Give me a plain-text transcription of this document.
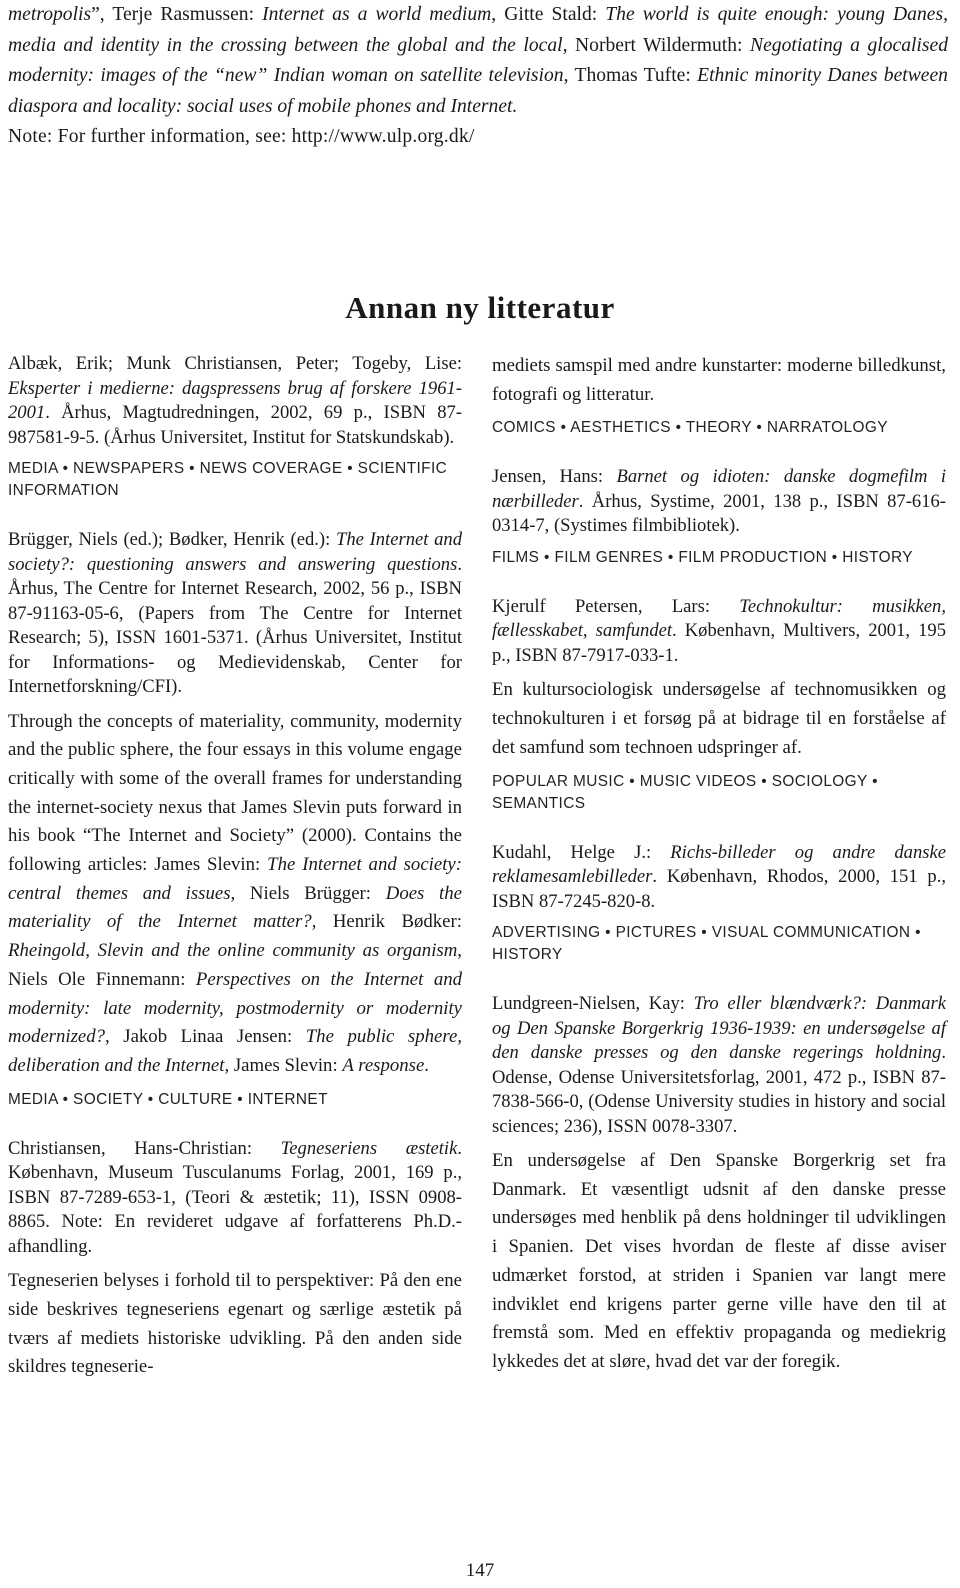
metropolis”, Terje Rasmussen: Internet as a world medium, Gitte Stald: The world is quite enough: young Danes, media and identity in the crossing between the global and the local, Norbert Wildermuth: Negotiating a glocalised modernity: images of the “new” Indian woman on satellite television, Thomas Tufte: Ethnic minority Danes between diaspora and locality: social uses of mobile phones and Internet.

Note: For further information, see: http://www.ulp.org.dk/

Annan ny litteratur

Albæk, Erik; Munk Christiansen, Peter; Togeby, Lise: Eksperter i medierne: dagspressens brug af forskere 1961-2001. Århus, Magtudredningen, 2002, 69 p., ISBN 87-987581-9-5. (Århus Universitet, Institut for Statskundskab).

MEDIA • NEWSPAPERS • NEWS COVERAGE • SCIENTIFIC INFORMATION

Brügger, Niels (ed.); Bødker, Henrik (ed.): The Internet and society?: questioning answers and answering questions. Århus, The Centre for Internet Research, 2002, 56 p., ISBN 87-91163-05-6, (Papers from The Centre for Internet Research; 5), ISSN 1601-5371. (Århus Universitet, Institut for Informations- og Medievidenskab, Center for Internetforskning/CFI).

Through the concepts of materiality, community, modernity and the public sphere, the four essays in this volume engage critically with some of the overall frames for understanding the internet-society nexus that James Slevin puts forward in his book “The Internet and Society” (2000). Contains the following articles: James Slevin: The Internet and society: central themes and issues, Niels Brügger: Does the materiality of the Internet matter?, Henrik Bødker: Rheingold, Slevin and the online community as organism, Niels Ole Finnemann: Perspectives on the Internet and modernity: late modernity, postmodernity or modernity modernized?, Jakob Linaa Jensen: The public sphere, deliberation and the Internet, James Slevin: A response.

MEDIA • SOCIETY • CULTURE • INTERNET

Christiansen, Hans-Christian: Tegneseriens æstetik. København, Museum Tusculanums Forlag, 2001, 169 p., ISBN 87-7289-653-1, (Teori & æstetik; 11), ISSN 0908-8865. Note: En revideret udgave af forfatterens Ph.D.-afhandling.

Tegneserien belyses i forhold til to perspektiver: På den ene side beskrives tegneseriens egenart og særlige æstetik på tværs af mediets historiske udvikling. På den anden side skildres tegneserie-

mediets samspil med andre kunstarter: moderne billedkunst, fotografi og litteratur.

COMICS • AESTHETICS • THEORY • NARRATOLOGY

Jensen, Hans: Barnet og idioten: danske dogmefilm i nærbilleder. Århus, Systime, 2001, 138 p., ISBN 87-616-0314-7, (Systimes filmbibliotek).

FILMS • FILM GENRES • FILM PRODUCTION • HISTORY

Kjerulf Petersen, Lars: Technokultur: musikken, fællesskabet, samfundet. København, Multivers, 2001, 195 p., ISBN 87-7917-033-1.

En kultursociologisk undersøgelse af technomusikken og technokulturen i et forsøg på at bidrage til en forståelse af det samfund som technoen udspringer af.

POPULAR MUSIC • MUSIC VIDEOS • SOCIOLOGY • SEMANTICS

Kudahl, Helge J.: Richs-billeder og andre danske reklamesamlebilleder. København, Rhodos, 2000, 151 p., ISBN 87-7245-820-8.

ADVERTISING • PICTURES • VISUAL COMMUNICATION • HISTORY

Lundgreen-Nielsen, Kay: Tro eller blændværk?: Danmark og Den Spanske Borgerkrig 1936-1939: en undersøgelse af den danske presses og den danske regerings holdning. Odense, Odense Universitetsforlag, 2001, 472 p., ISBN 87-7838-566-0, (Odense University studies in history and social sciences; 236), ISSN 0078-3307.

En undersøgelse af Den Spanske Borgerkrig set fra Danmark. Et væsentligt udsnit af den danske presse undersøges med henblik på dens holdninger til udviklingen i Spanien. Det vises hvordan de fleste af disse aviser udmærket forstod, at striden i Spanien var langt mere indviklet end krigens parter gerne ville have den til at fremstå som. Med en effektiv propaganda og mediekrig lykkedes det at sløre, hvad det var der foregik.

147
